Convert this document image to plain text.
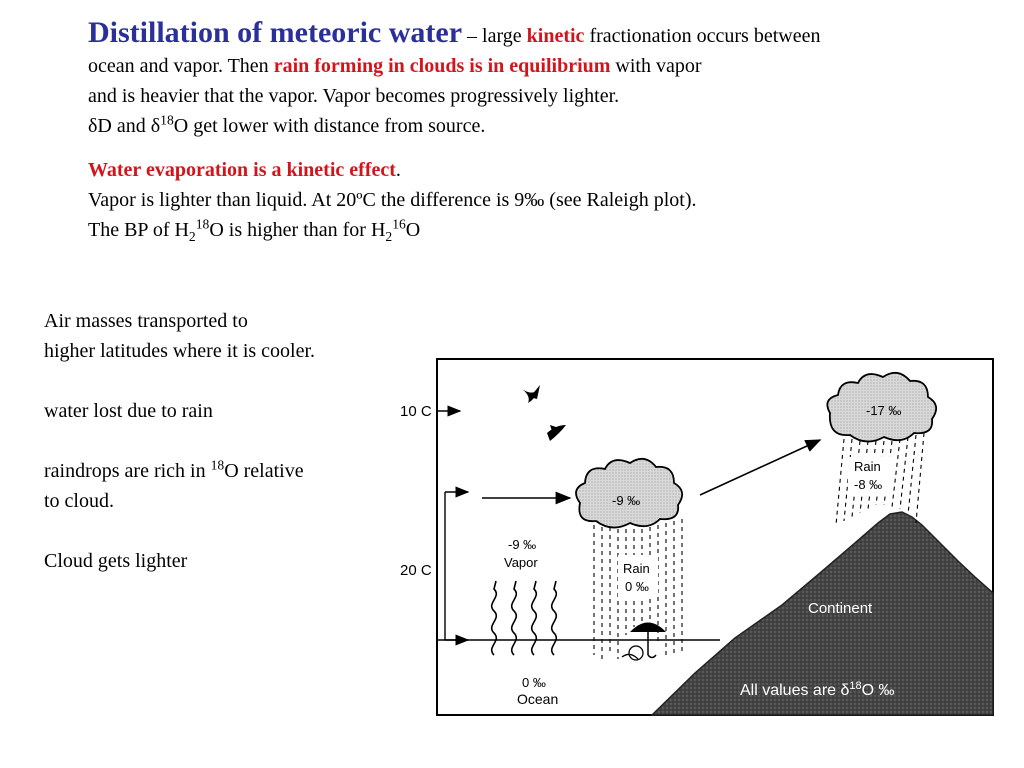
Distillation of meteoric water – large kinetic fractionation occurs between
ocean and vapor. Then rain forming in clouds is in equilibrium with vapor
and is heavier that the vapor. Vapor becomes progressively lighter.
δD and $\delta^{18}O$ get lower with distance from source.
Water evaporation is a kinetic effect.
Vapor is lighter than liquid. At 20ºC the difference is 9‰ (see Raleigh plot).
The BP of $H_2^{18}O$ is higher than for $H_2^{16}O$
Air masses transported to
higher latitudes where it is cooler.
water lost due to rain
raindrops are rich in $^{18}$O relative
to cloud.
Cloud gets lighter
10 C
20 C
-9 ‰
-17 ‰
Rain
0 ‰
Rain
-8 ‰
-9 ‰
Vapor
0 ‰
Ocean
Continent
All values are $\delta^{18}O$ ‰
